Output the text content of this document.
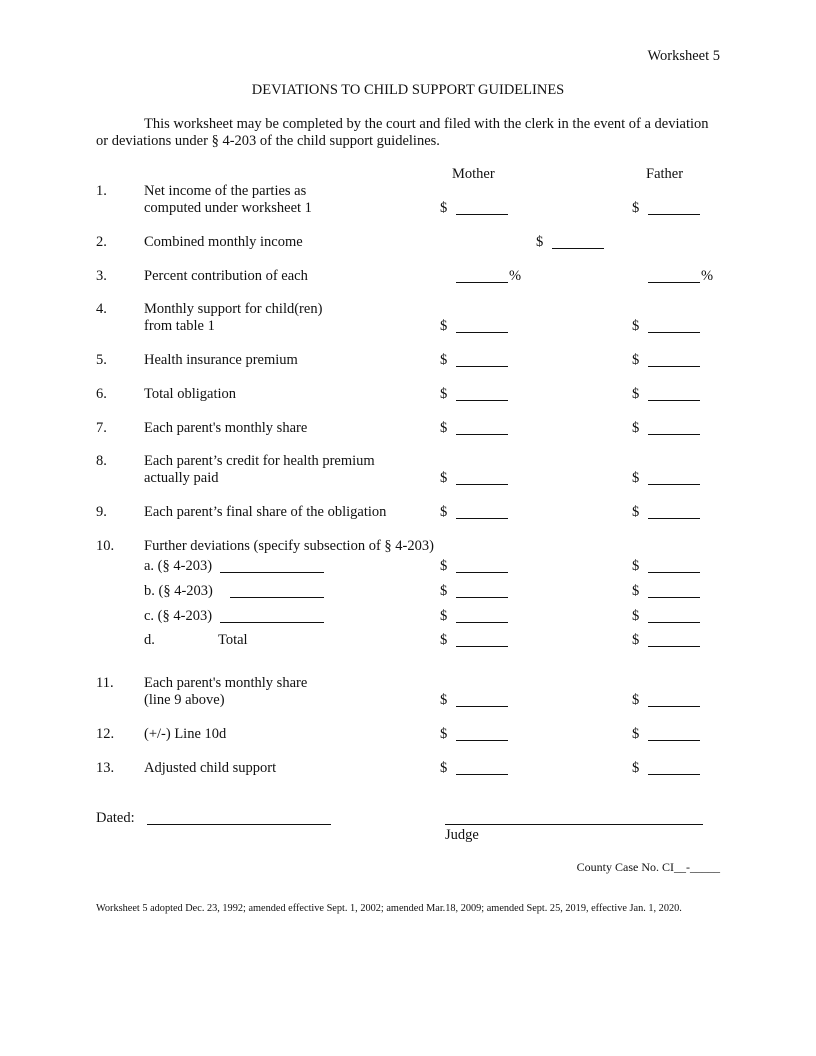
Worksheet 5
DEVIATIONS TO CHILD SUPPORT GUIDELINES
This worksheet may be completed by the court and filed with the clerk in the event of a deviation
or deviations under § 4-203 of the child support guidelines.
Mother	Father
1.	Net income of the parties as
computed under worksheet 1	$	$
2.	Combined monthly income	$
3.	Percent contribution of each	%	%
4.	Monthly support for child(ren)
from table 1	$	$
5.	Health insurance premium	$	$
6.	Total obligation	$	$
7.	Each parent's monthly share	$	$
8.	Each parent’s credit for health premium
actually paid	$	$
9.	Each parent’s final share of the obligation	$	$
10. Further deviations (specify subsection of § 4-203)
a. (§ 4-203)	$	$
b. (§ 4-203)	$	$
c. (§ 4-203)	$	$
d.	Total	$	$
11. Each parent's monthly share
(line 9 above)	$	$
12. (+/-) Line 10d	$	$
13. Adjusted child support	$	$
Dated:
Judge
County Case No. CI__-_____
Worksheet 5 adopted Dec. 23, 1992; amended effective Sept. 1, 2002; amended Mar.18, 2009; amended Sept. 25, 2019, effective Jan. 1, 2020.
